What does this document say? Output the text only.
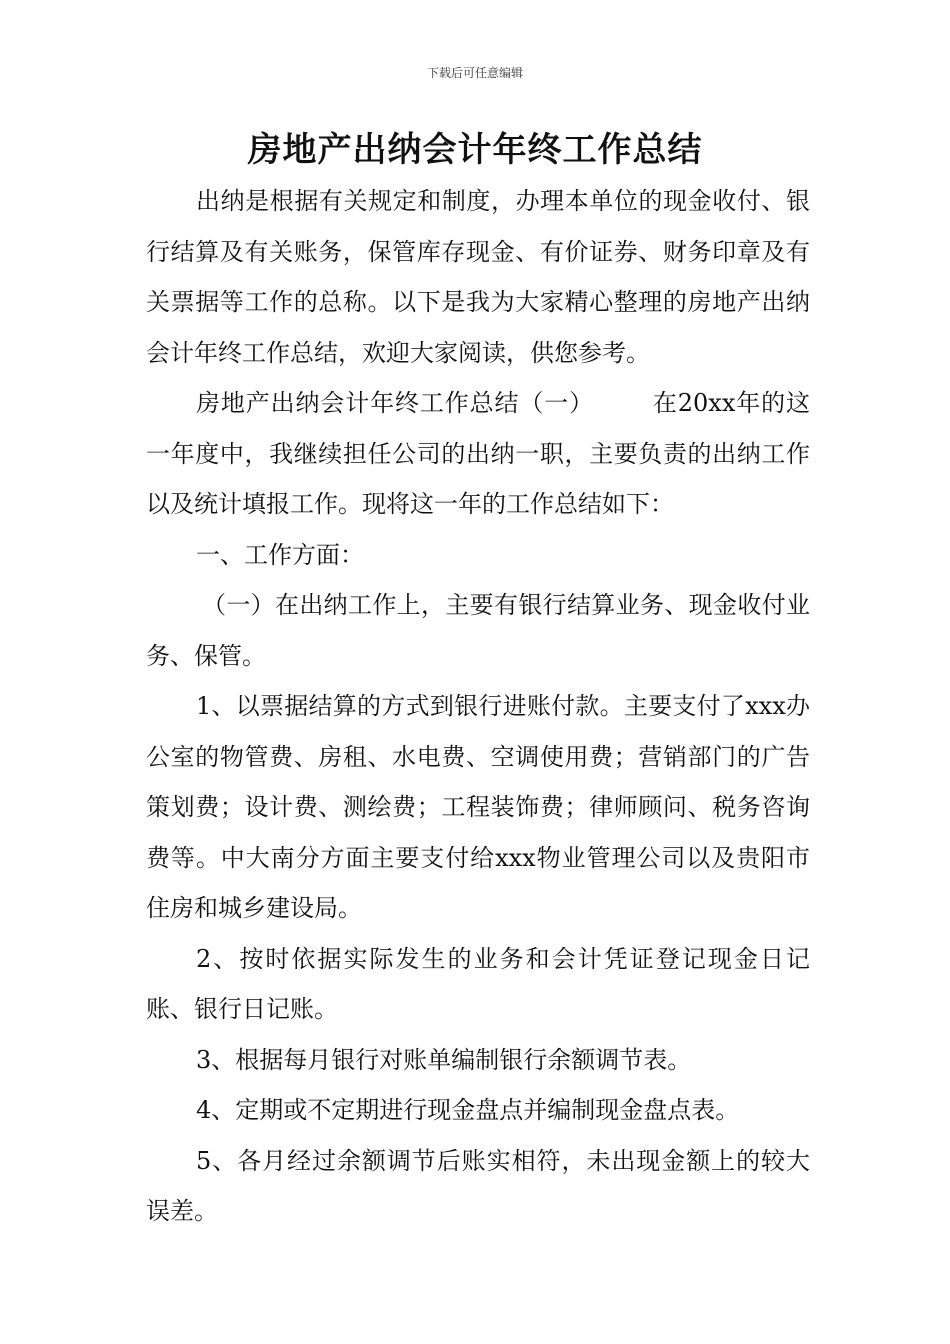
下载后可任意编辑
房地产出纳会计年终工作总结

出纳是根据有关规定和制度，办理本单位的现金收付、银行结算及有关账务，保管库存现金、有价证券、财务印章及有关票据等工作的总称。以下是我为大家精心整理的房地产出纳会计年终工作总结，欢迎大家阅读，供您参考。

房地产出纳会计年终工作总结（一） 在20xx年的这一年度中，我继续担任公司的出纳一职，主要负责的出纳工作以及统计填报工作。现将这一年的工作总结如下：

一、工作方面：

（一）在出纳工作上，主要有银行结算业务、现金收付业务、保管。

1、以票据结算的方式到银行进账付款。主要支付了xxx办公室的物管费、房租、水电费、空调使用费；营销部门的广告策划费；设计费、测绘费；工程装饰费；律师顾问、税务咨询费等。中大南分方面主要支付给xxx物业管理公司以及贵阳市住房和城乡建设局。

2、按时依据实际发生的业务和会计凭证登记现金日记账、银行日记账。

3、根据每月银行对账单编制银行余额调节表。

4、定期或不定期进行现金盘点并编制现金盘点表。

5、各月经过余额调节后账实相符，未出现金额上的较大误差。
